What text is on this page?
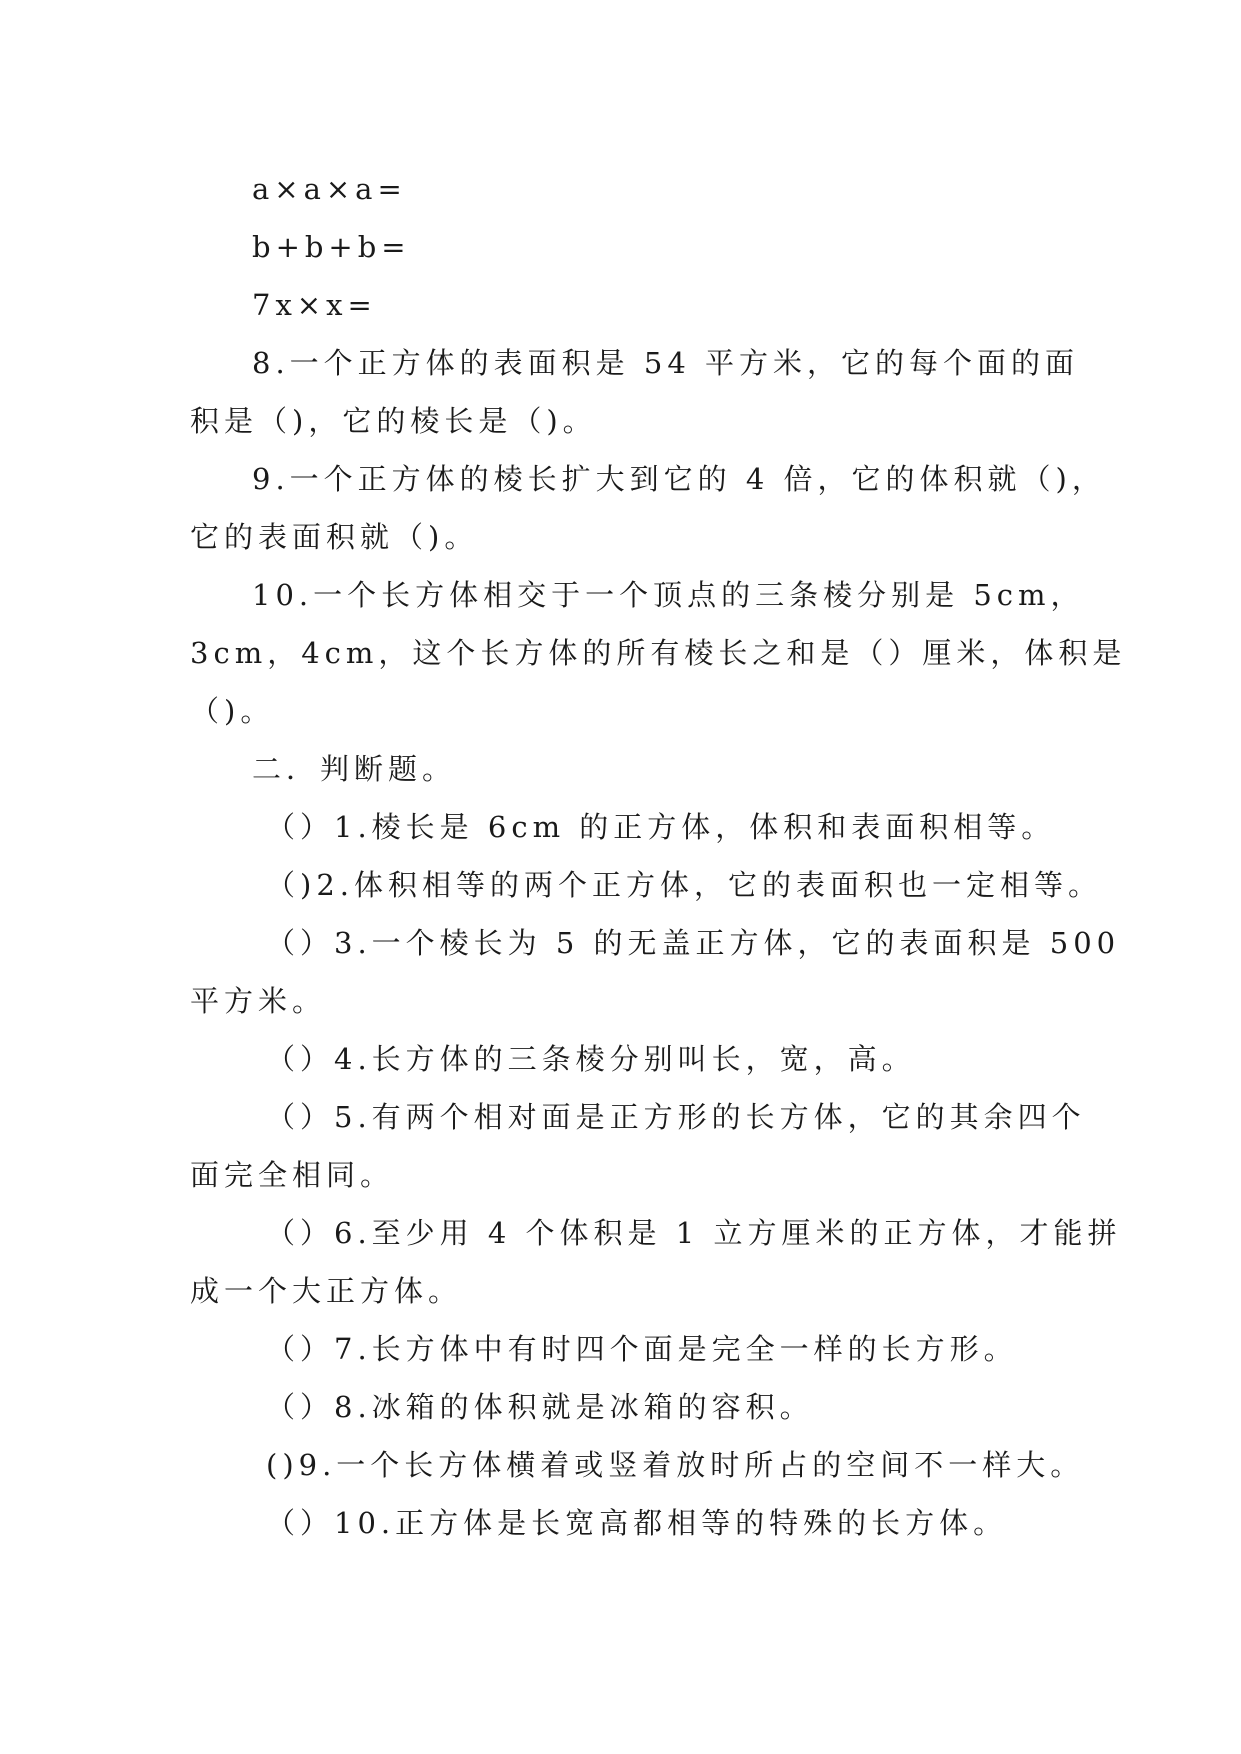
a×a×a=
b+b+b=
7x×x=
8.一个正方体的表面积是 54 平方米，它的每个面的面
积是（)，它的棱长是（)。
9.一个正方体的棱长扩大到它的 4 倍，它的体积就（)，
它的表面积就（)。
10.一个长方体相交于一个顶点的三条棱分别是 5cm，
3cm，4cm，这个长方体的所有棱长之和是（）厘米，体积是
（)。
二．判断题。
（）1.棱长是 6cm 的正方体，体积和表面积相等。
（)2.体积相等的两个正方体，它的表面积也一定相等。
（）3.一个棱长为 5 的无盖正方体，它的表面积是 500
平方米。
（）4.长方体的三条棱分别叫长，宽，高。
（）5.有两个相对面是正方形的长方体，它的其余四个
面完全相同。
（）6.至少用 4 个体积是 1 立方厘米的正方体，才能拼
成一个大正方体。
（）7.长方体中有时四个面是完全一样的长方形。
（）8.冰箱的体积就是冰箱的容积。
()9.一个长方体横着或竖着放时所占的空间不一样大。
（）10.正方体是长宽高都相等的特殊的长方体。
